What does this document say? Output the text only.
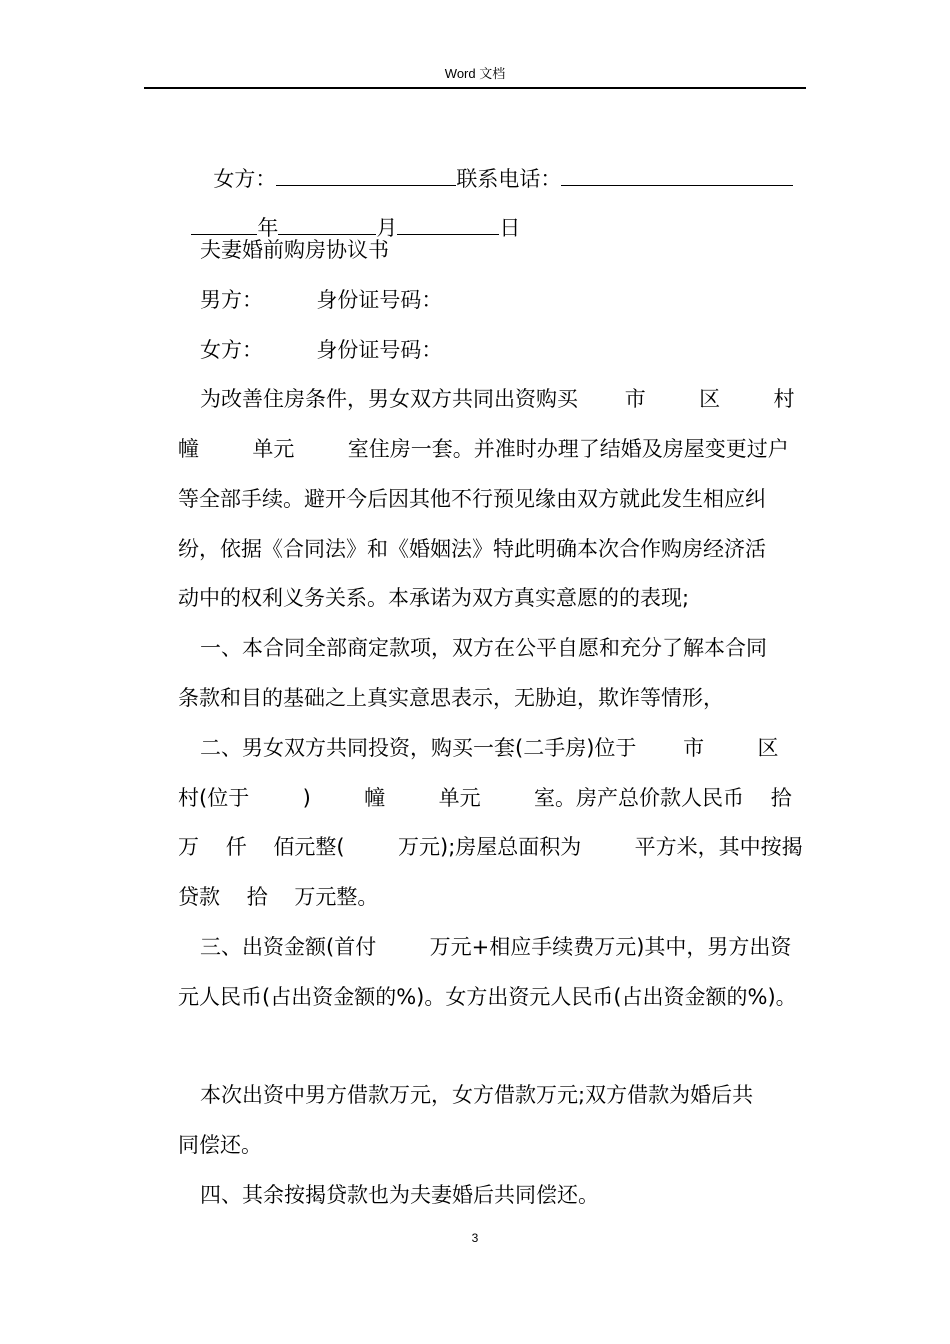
Word 文档

女方：	联系电话：

年	月	日

夫妻婚前购房协议书
男方：        身份证号码：
女方：        身份证号码：
为改善住房条件，男女双方共同出资购买       市        区        村
幢        单元        室住房一套。并准时办理了结婚及房屋变更过户
等全部手续。避开今后因其他不行预见缘由双方就此发生相应纠
纷，依据《合同法》和《婚姻法》特此明确本次合作购房经济活
动中的权利义务关系。本承诺为双方真实意愿的的表现;
一、本合同全部商定款项，双方在公平自愿和充分了解本合同
条款和目的基础之上真实意思表示，无胁迫，欺诈等情形，
二、男女双方共同投资，购买一套(二手房)位于       市        区
村(位于        )        幢        单元        室。房产总价款人民币    拾
万    仟    佰元整(        万元);房屋总面积为        平方米，其中按揭
贷款    拾    万元整。
三、出资金额(首付        万元+相应手续费万元)其中，男方出资
元人民币(占出资金额的%)。女方出资元人民币(占出资金额的%)。
本次出资中男方借款万元，女方借款万元;双方借款为婚后共
同偿还。
四、其余按揭贷款也为夫妻婚后共同偿还。
3
